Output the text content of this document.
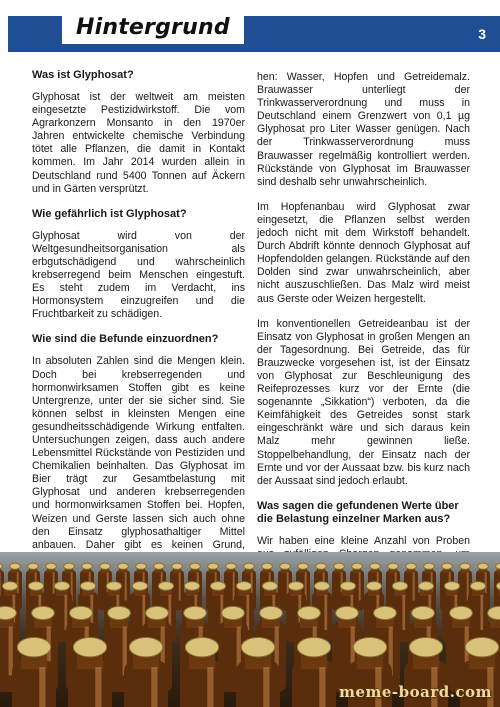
Hintergrund	3
Was ist Glyphosat?

Glyphosat ist der weltweit am meisten eingesetzte Pestizidwirkstoff. Die vom Agrarkonzern Monsanto in den 1970er Jahren entwickelte chemische Verbindung tötet alle Pflanzen, die damit in Kontakt kommen. Im Jahr 2014 wurden allein in Deutschland rund 5400 Tonnen auf Äckern und in Gärten versprützt.

Wie gefährlich ist Glyphosat?

Glyphosat wird von der Weltgesundheitsorganisation als erbgutschädigend und wahrscheinlich krebserregend beim Menschen eingestuft. Es steht zudem im Verdacht, ins Hormonsystem einzugreifen und die Fruchtbarkeit zu schädigen.

Wie sind die Befunde einzuordnen?

In absoluten Zahlen sind die Mengen klein. Doch bei krebserregenden und hormonwirksamen Stoffen gibt es keine Untergrenze, unter der sie sicher sind. Sie können selbst in kleinsten Mengen eine gesundheitsschädigende Wirkung entfalten. Untersuchungen zeigen, dass auch andere Lebensmittel Rückstände von Pestiziden und Chemikalien beinhalten. Das Glyphosat im Bier trägt zur Gesamtbelastung mit Glyphosat und anderen krebserregenden und hormonwirksamen Stoffen bei. Hopfen, Weizen und Gerste lassen sich auch ohne den Einsatz glyphosathaltiger Mittel anbauen. Daher gibt es keinen Grund,

hen: Wasser, Hopfen und Getreidemalz. Brauwasser unterliegt der Trinkwasserverordnung und muss in Deutschland einem Grenzwert von 0,1 µg Glyphosat pro Liter Wasser genügen. Nach der Trinkwasserverordnung muss Brauwasser regelmäßig kontrolliert werden. Rückstände von Glyphosat im Brauwasser sind deshalb sehr unwahrscheinlich.

Im Hopfenanbau wird Glyphosat zwar eingesetzt, die Pflanzen selbst werden jedoch nicht mit dem Wirkstoff behandelt. Durch Abdrift könnte dennoch Glyphosat auf Hopfendolden gelangen. Rückstände auf den Dolden sind zwar unwahrscheinlich, aber nicht auszuschließen. Das Malz wird meist aus Gerste oder Weizen hergestellt.

Im konventionellen Getreideanbau ist der Einsatz von Glyphosat in großen Mengen an der Tagesordnung. Bei Getreide, das für Brauzwecke vorgesehen ist, ist der Einsatz von Glyphosat zur Beschleunigung des Reifeprozesses kurz vor der Ernte (die sogenannte „Sikkation“) verboten, da die Keimfähigkeit des Getreides sonst stark eingeschränkt wäre und sich daraus kein Malz mehr gewinnen ließe. Stoppelbehandlung, der Einsatz nach der Ernte und vor der Aussaat bzw. bis kurz nach der Aussaat sind jedoch erlaubt.

Was sagen die gefundenen Werte über die Belastung einzelner Marken aus?

Wir haben eine kleine Anzahl von Proben

meme-board.com
